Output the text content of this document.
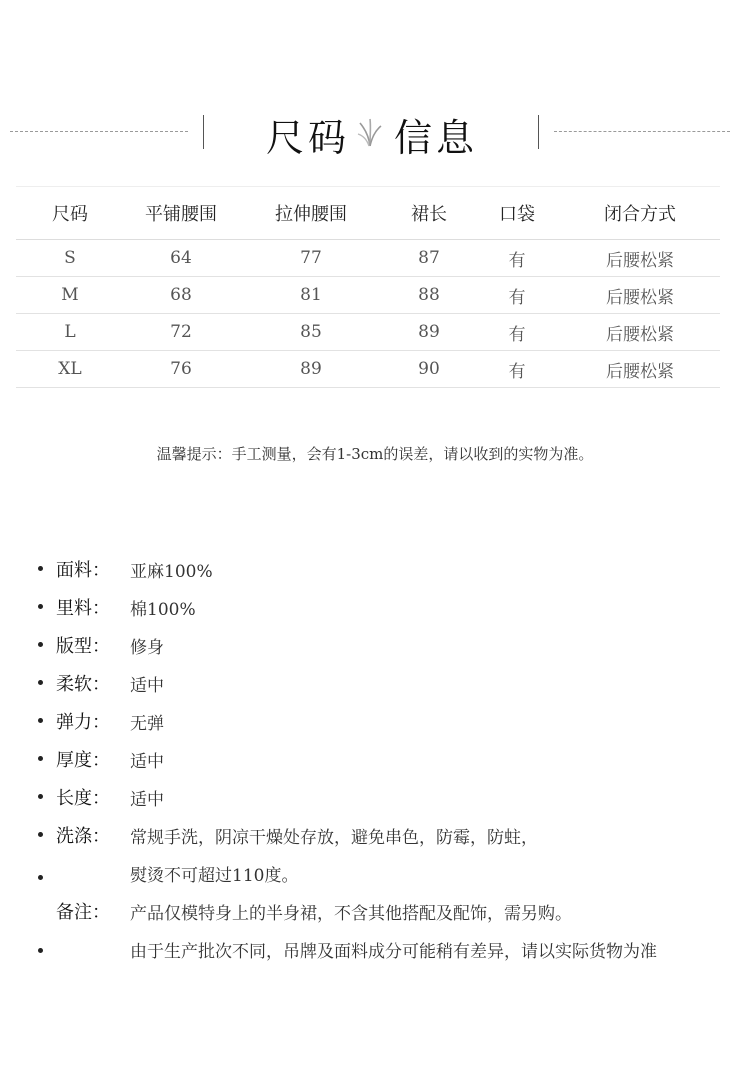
尺码 信息
尺码	平铺腰围	拉伸腰围	裙长	口袋	闭合方式
S	64	77	87	有	后腰松紧
M	68	81	88	有	后腰松紧
L	72	85	89	有	后腰松紧
XL	76	89	90	有	后腰松紧
温馨提示：手工测量，会有1-3cm的误差，请以收到的实物为准。
面料： 亚麻100%
里料： 棉100%
版型： 修身
柔软： 适中
弹力： 无弹
厚度： 适中
长度： 适中
洗涤： 常规手洗，阴凉干燥处存放，避免串色，防霉，防蛀，
熨烫不可超过110度。
备注： 产品仅模特身上的半身裙，不含其他搭配及配饰，需另购。
由于生产批次不同，吊牌及面料成分可能稍有差异，请以实际货物为准
